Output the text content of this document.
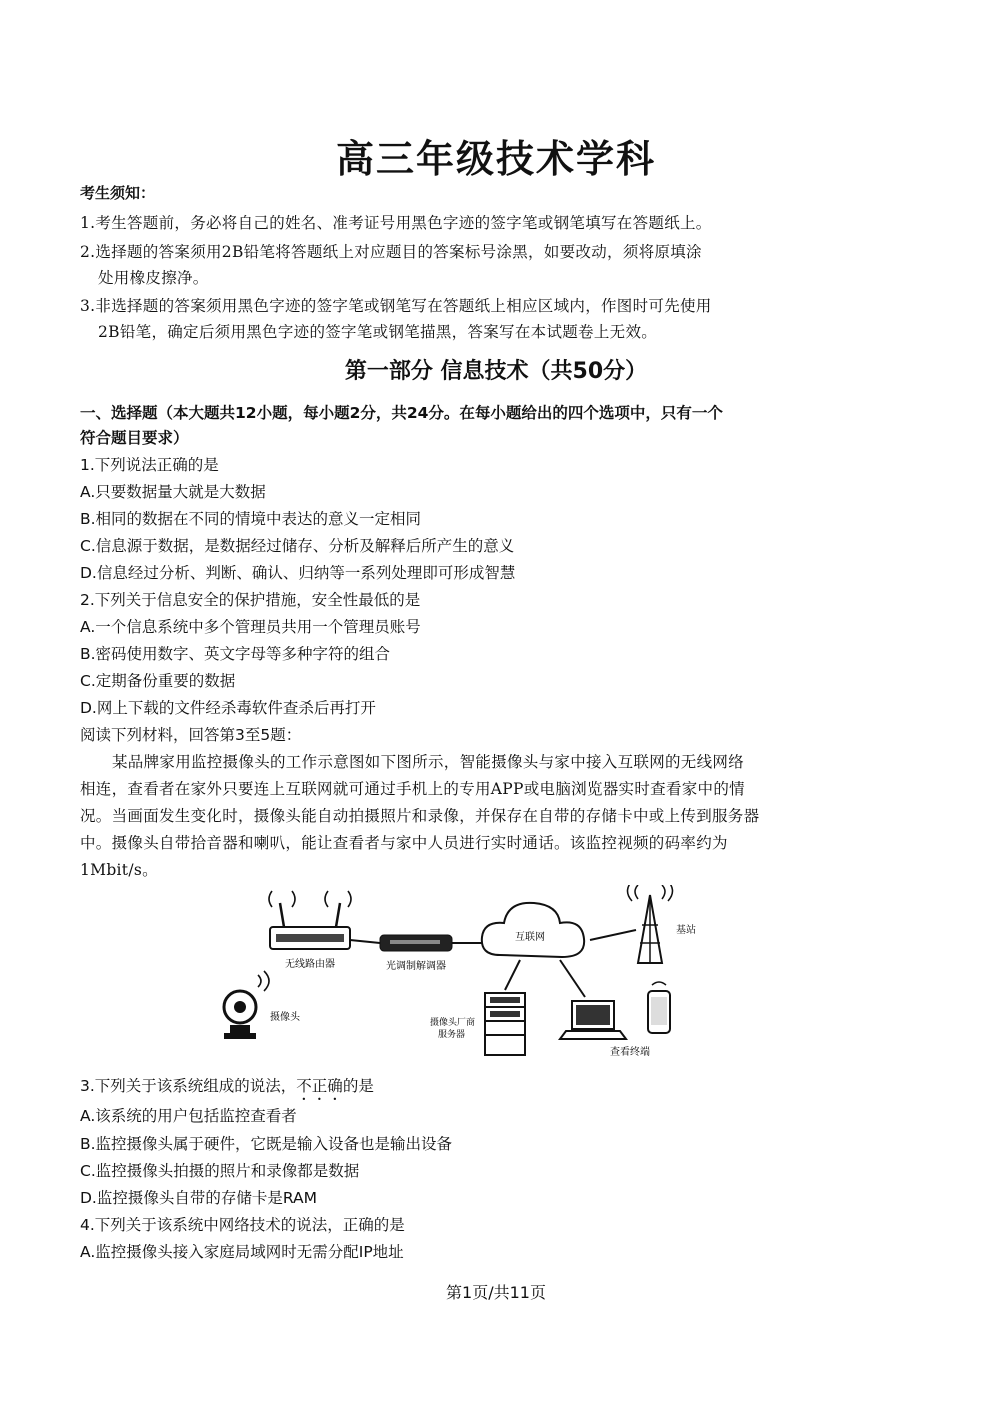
高三年级技术学科
考生须知：
1.考生答题前，务必将自己的姓名、准考证号用黑色字迹的签字笔或钢笔填写在答题纸上。
2.选择题的答案须用2B铅笔将答题纸上对应题目的答案标号涂黑，如要改动，须将原填涂
处用橡皮擦净。
3.非选择题的答案须用黑色字迹的签字笔或钢笔写在答题纸上相应区域内，作图时可先使用
2B铅笔，确定后须用黑色字迹的签字笔或钢笔描黑，答案写在本试题卷上无效。
第一部分 信息技术（共50分）
一、选择题（本大题共12小题，每小题2分，共24分。在每小题给出的四个选项中，只有一个
符合题目要求）
1.下列说法正确的是
A.只要数据量大就是大数据
B.相同的数据在不同的情境中表达的意义一定相同
C.信息源于数据，是数据经过储存、分析及解释后所产生的意义
D.信息经过分析、判断、确认、归纳等一系列处理即可形成智慧
2.下列关于信息安全的保护措施，安全性最低的是
A.一个信息系统中多个管理员共用一个管理员账号
B.密码使用数字、英文字母等多种字符的组合
C.定期备份重要的数据
D.网上下载的文件经杀毒软件查杀后再打开
阅读下列材料，回答第3至5题：
某品牌家用监控摄像头的工作示意图如下图所示，智能摄像头与家中接入互联网的无线网络
相连，查看者在家外只要连上互联网就可通过手机上的专用APP或电脑浏览器实时查看家中的情
况。当画面发生变化时，摄像头能自动拍摄照片和录像，并保存在自带的存储卡中或上传到服务器
中。摄像头自带拾音器和喇叭，能让查看者与家中人员进行实时通话。该监控视频的码率约为
1Mbit/s。
无线路由器	光调制解调器
互联网
基站
摄像头	摄像头厂商
服务器
查看终端
3.下列关于该系统组成的说法，不正确的是
A.该系统的用户包括监控查看者
B.监控摄像头属于硬件，它既是输入设备也是输出设备
C.监控摄像头拍摄的照片和录像都是数据
D.监控摄像头自带的存储卡是RAM
4.下列关于该系统中网络技术的说法，正确的是
A.监控摄像头接入家庭局域网时无需分配IP地址
第1页/共11页
